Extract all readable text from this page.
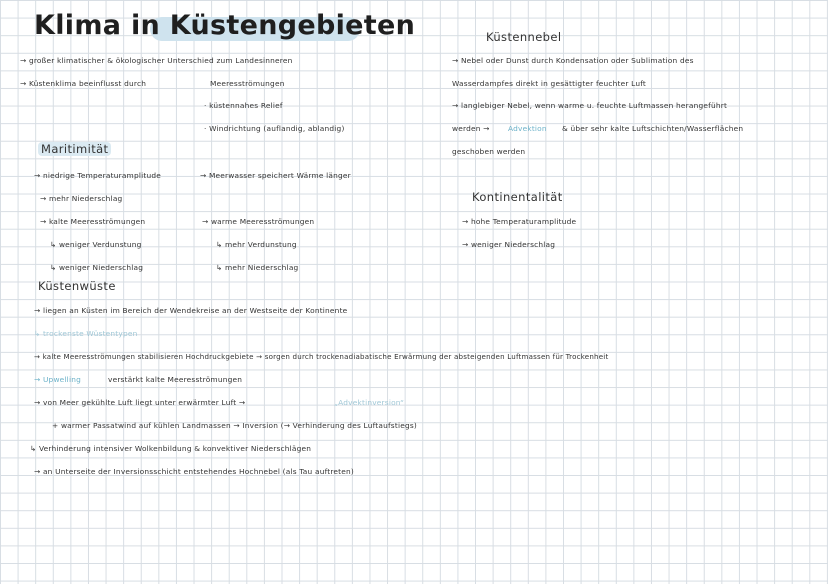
Klima in Küstengebieten
→ großer klimatischer & ökologischer Unterschied zum Landesinneren
→ Küstenklima beeinflusst durch	Meeresströmungen
· küstennahes Relief
· Windrichtung (auflandig, ablandig)
Maritimität
→ niedrige Temperaturamplitude	→ Meerwasser speichert Wärme länger
→ mehr Niederschlag
→ kalte Meeresströmungen
↳ weniger Verdunstung
↳ weniger Niederschlag
→ warme Meeresströmungen
↳ mehr Verdunstung
↳ mehr Niederschlag
Küstenwüste
→ liegen an Küsten im Bereich der Wendekreise an der Westseite der Kontinente
↳ trockenste Wüstentypen
→ kalte Meeresströmungen stabilisieren Hochdruckgebiete → sorgen durch trockenadiabatische Erwärmung der absteigenden Luftmassen für Trockenheit
→ Upwelling	verstärkt kalte Meeresströmungen
→ von Meer gekühlte Luft liegt unter erwärmter Luft →	„Advektinversion“
+ warmer Passatwind auf kühlen Landmassen → Inversion (→ Verhinderung des Luftaufstiegs)
↳ Verhinderung intensiver Wolkenbildung & konvektiver Niederschlägen
→ an Unterseite der Inversionsschicht entstehendes Hochnebel (als Tau auftreten)
Küstennebel
→ Nebel oder Dunst durch Kondensation oder Sublimation des
Wasserdampfes direkt in gesättigter feuchter Luft
→ langlebiger Nebel, wenn warme u. feuchte Luftmassen herangeführt
werden → Advektion & über sehr kalte Luftschichten/Wasserflächen
geschoben werden
Kontinentalität
→ hohe Temperaturamplitude
→ weniger Niederschlag
